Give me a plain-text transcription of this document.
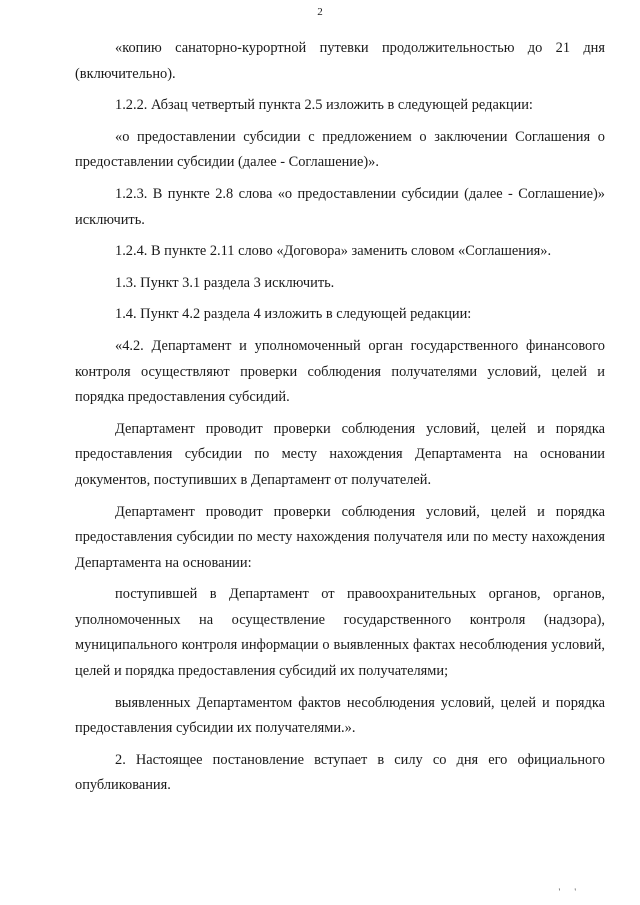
2

«копию санаторно-курортной путевки продолжительностью до 21 дня (включительно).

1.2.2. Абзац четвертый пункта 2.5 изложить в следующей редакции:

«о предоставлении субсидии с предложением о заключении Соглашения о предоставлении субсидии (далее - Соглашение)».

1.2.3. В пункте 2.8 слова «о предоставлении субсидии (далее - Соглашение)» исключить.

1.2.4. В пункте 2.11 слово «Договора» заменить словом «Соглашения».

1.3. Пункт 3.1 раздела 3 исключить.

1.4. Пункт 4.2 раздела 4 изложить в следующей редакции:

«4.2. Департамент и уполномоченный орган государственного финансового контроля осуществляют проверки соблюдения получателями условий, целей и порядка предоставления субсидий.

Департамент проводит проверки соблюдения условий, целей и порядка предоставления субсидии по месту нахождения Департамента на основании документов, поступивших в Департамент от получателей.

Департамент проводит проверки соблюдения условий, целей и порядка предоставления субсидии по месту нахождения получателя или по месту нахождения Департамента на основании:

поступившей в Департамент от правоохранительных органов, органов, уполномоченных на осуществление государственного контроля (надзора), муниципального контроля информации о выявленных фактах несоблюдения условий, целей и порядка предоставления субсидий их получателями;

выявленных Департаментом фактов несоблюдения условий, целей и порядка предоставления субсидии их получателями.».

2. Настоящее постановление вступает в силу со дня его официального опубликования.

' '
